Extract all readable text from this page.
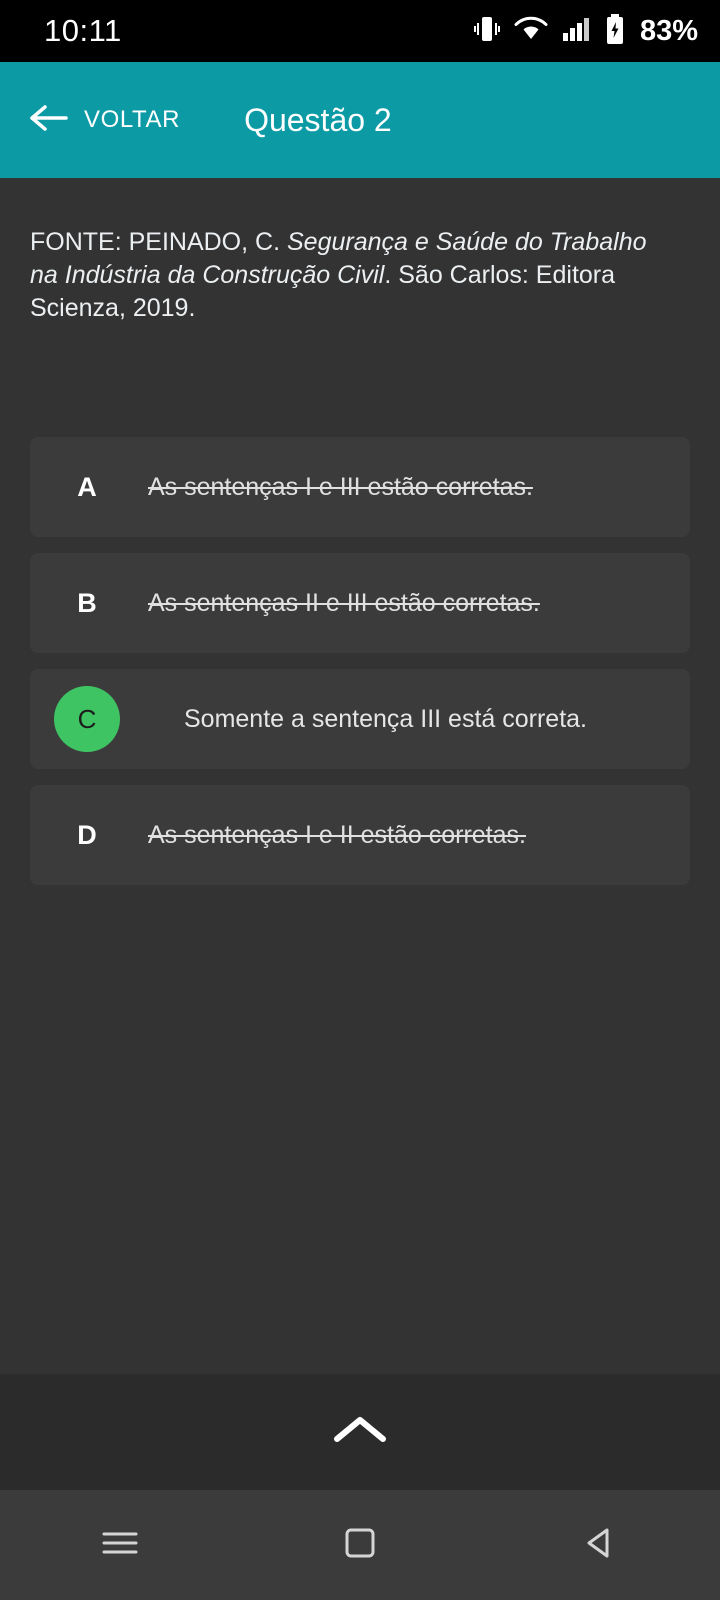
10:11	83%
VOLTAR Questão 2
FONTE: PEINADO, C. Segurança e Saúde do Trabalho na Indústria da Construção Civil. São Carlos: Editora Scienza, 2019.
A	As sentenças I e III estão corretas.
B	As sentenças II e III estão corretas.
C	Somente a sentença III está correta.
D	As sentenças I e II estão corretas.
